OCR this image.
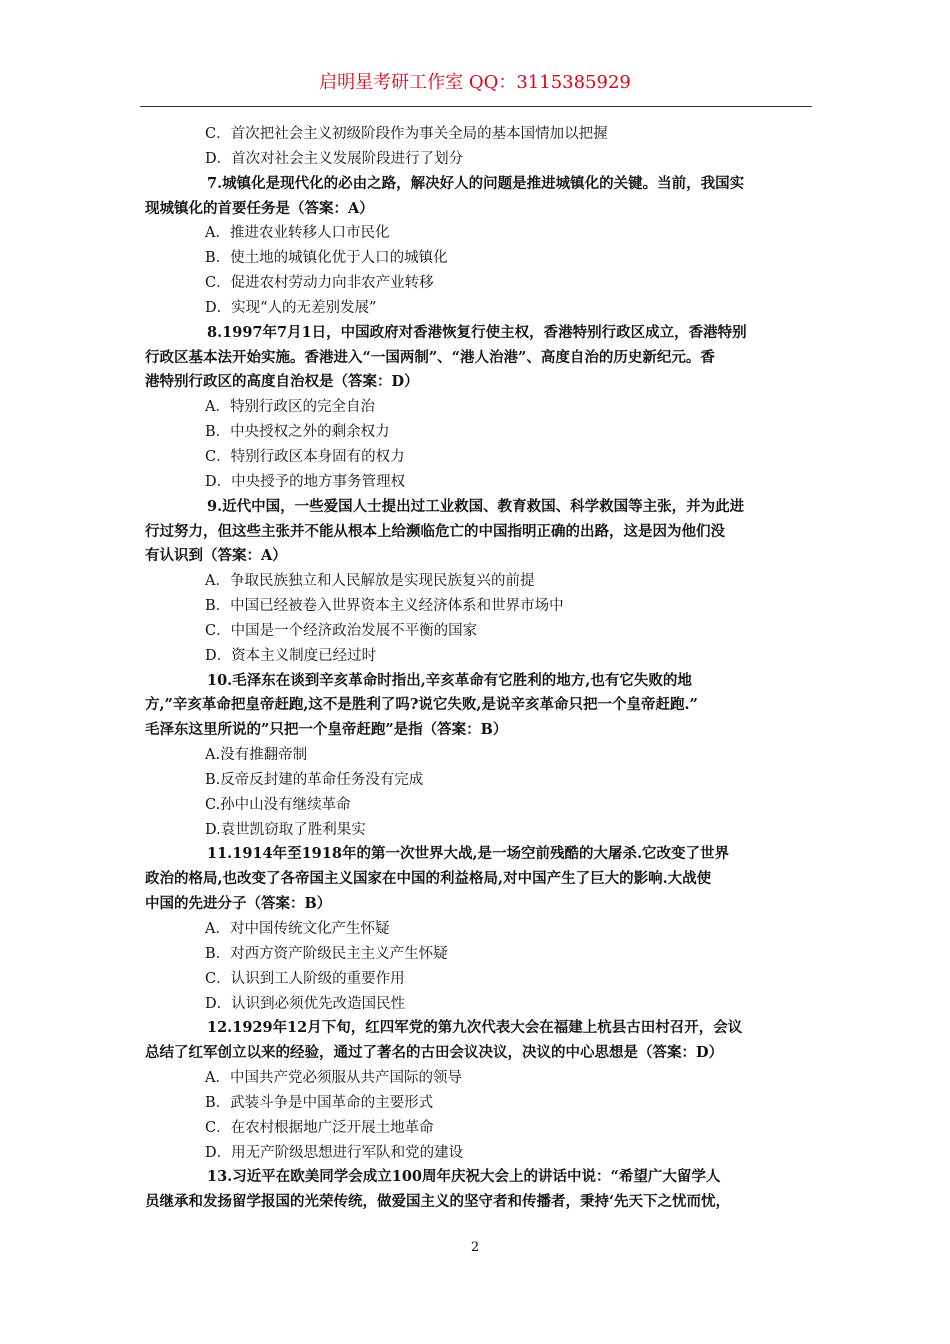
启明星考研工作室 QQ：3115385929
C．首次把社会主义初级阶段作为事关全局的基本国情加以把握
D．首次对社会主义发展阶段进行了划分
7.城镇化是现代化的必由之路，解决好人的问题是推进城镇化的关键。当前，我国实
现城镇化的首要任务是（答案：A）
A．推进农业转移人口市民化
B．使土地的城镇化优于人口的城镇化
C．促进农村劳动力向非农产业转移
D．实现“人的无差别发展”
8.1997年7月1日，中国政府对香港恢复行使主权，香港特别行政区成立，香港特别
行政区基本法开始实施。香港进入“一国两制”、“港人治港”、高度自治的历史新纪元。香
港特别行政区的高度自治权是（答案：D）
A．特别行政区的完全自治
B．中央授权之外的剩余权力
C．特别行政区本身固有的权力
D．中央授予的地方事务管理权
9.近代中国，一些爱国人士提出过工业救国、教育救国、科学救国等主张，并为此进
行过努力，但这些主张并不能从根本上给濒临危亡的中国指明正确的出路，这是因为他们没
有认识到（答案：A）
A．争取民族独立和人民解放是实现民族复兴的前提
B．中国已经被卷入世界资本主义经济体系和世界市场中
C．中国是一个经济政治发展不平衡的国家
D．资本主义制度已经过时
10.毛泽东在谈到辛亥革命时指出,辛亥革命有它胜利的地方,也有它失败的地
方,”辛亥革命把皇帝赶跑,这不是胜利了吗?说它失败,是说辛亥革命只把一个皇帝赶跑.”
毛泽东这里所说的”只把一个皇帝赶跑”是指（答案：B）
A.没有推翻帝制
B.反帝反封建的革命任务没有完成
C.孙中山没有继续革命
D.袁世凯窃取了胜利果实
11.1914年至1918年的第一次世界大战,是一场空前残酷的大屠杀.它改变了世界
政治的格局,也改变了各帝国主义国家在中国的利益格局,对中国产生了巨大的影响.大战使
中国的先进分子（答案：B）
A．对中国传统文化产生怀疑
B．对西方资产阶级民主主义产生怀疑
C．认识到工人阶级的重要作用
D．认识到必须优先改造国民性
12.1929年12月下旬，红四军党的第九次代表大会在福建上杭县古田村召开，会议
总结了红军创立以来的经验，通过了著名的古田会议决议，决议的中心思想是（答案：D）
A．中国共产党必须服从共产国际的领导
B．武装斗争是中国革命的主要形式
C．在农村根据地广泛开展土地革命
D．用无产阶级思想进行军队和党的建设
13.习近平在欧美同学会成立100周年庆祝大会上的讲话中说：“希望广大留学人
员继承和发扬留学报国的光荣传统，做爱国主义的坚守者和传播者，秉持‘先天下之忧而忧，
2
